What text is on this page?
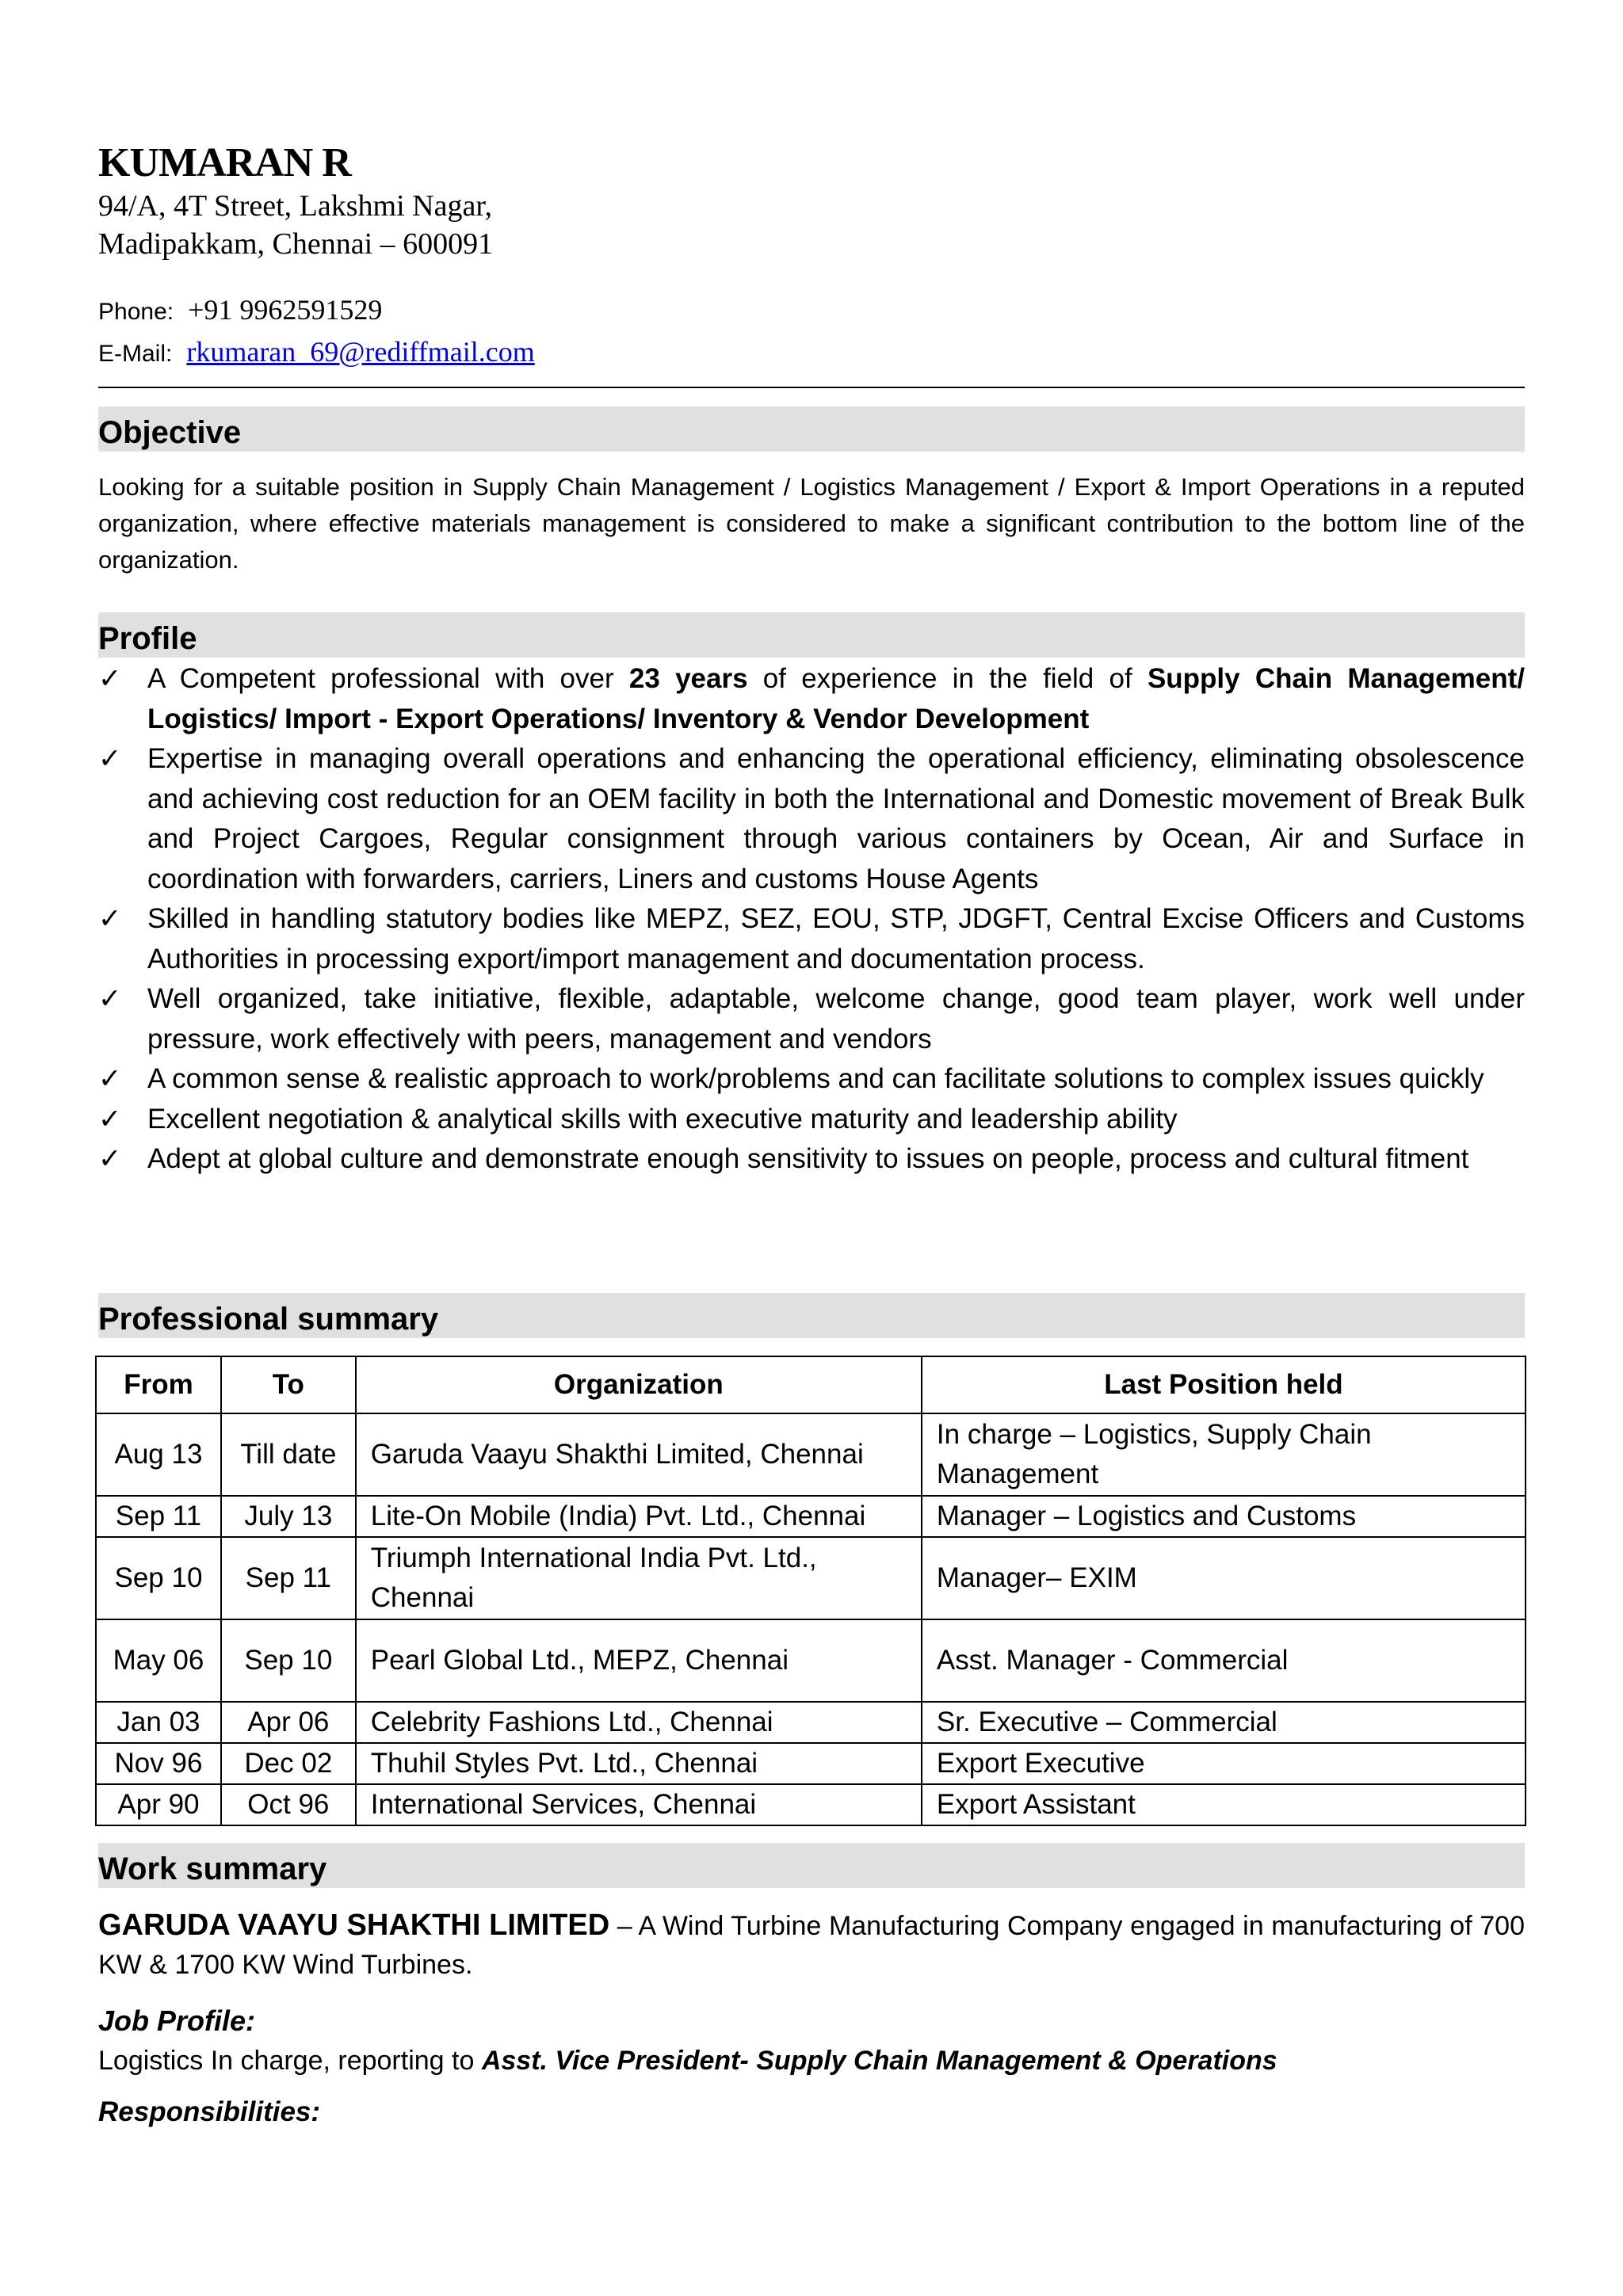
KUMARAN R
94/A, 4T Street, Lakshmi Nagar,
Madipakkam, Chennai – 600091
Phone: +91 9962591529
E-Mail: rkumaran_69@rediffmail.com
Objective
Looking for a suitable position in Supply Chain Management / Logistics Management / Export & Import Operations in a reputed organization, where effective materials management is considered to make a significant contribution to the bottom line of the organization.
Profile
✓ A Competent professional with over 23 years of experience in the field of Supply Chain Management/ Logistics/ Import - Export Operations/ Inventory & Vendor Development
✓ Expertise in managing overall operations and enhancing the operational efficiency, eliminating obsolescence and achieving cost reduction for an OEM facility in both the International and Domestic movement of Break Bulk and Project Cargoes, Regular consignment through various containers by Ocean, Air and Surface in coordination with forwarders, carriers, Liners and customs House Agents
✓ Skilled in handling statutory bodies like MEPZ, SEZ, EOU, STP, JDGFT, Central Excise Officers and Customs Authorities in processing export/import management and documentation process.
✓ Well organized, take initiative, flexible, adaptable, welcome change, good team player, work well under pressure, work effectively with peers, management and vendors
✓ A common sense & realistic approach to work/problems and can facilitate solutions to complex issues quickly
✓ Excellent negotiation & analytical skills with executive maturity and leadership ability
✓ Adept at global culture and demonstrate enough sensitivity to issues on people, process and cultural fitment
Professional summary
From	To	Organization	Last Position held
Aug 13	Till date	Garuda Vaayu Shakthi Limited, Chennai	In charge – Logistics, Supply Chain Management
Sep 11	July 13	Lite-On Mobile (India) Pvt. Ltd., Chennai	Manager – Logistics and Customs
Sep 10	Sep 11	Triumph International India Pvt. Ltd., Chennai	Manager– EXIM
May 06	Sep 10	Pearl Global Ltd., MEPZ, Chennai	Asst. Manager - Commercial
Jan 03	Apr 06	Celebrity Fashions Ltd., Chennai	Sr. Executive – Commercial
Nov 96	Dec 02	Thuhil Styles Pvt. Ltd., Chennai	Export Executive
Apr 90	Oct 96	International Services, Chennai	Export Assistant
Work summary
GARUDA VAAYU SHAKTHI LIMITED – A Wind Turbine Manufacturing Company engaged in manufacturing of 700 KW & 1700 KW Wind Turbines.
Job Profile:
Logistics In charge, reporting to Asst. Vice President- Supply Chain Management & Operations
Responsibilities:
